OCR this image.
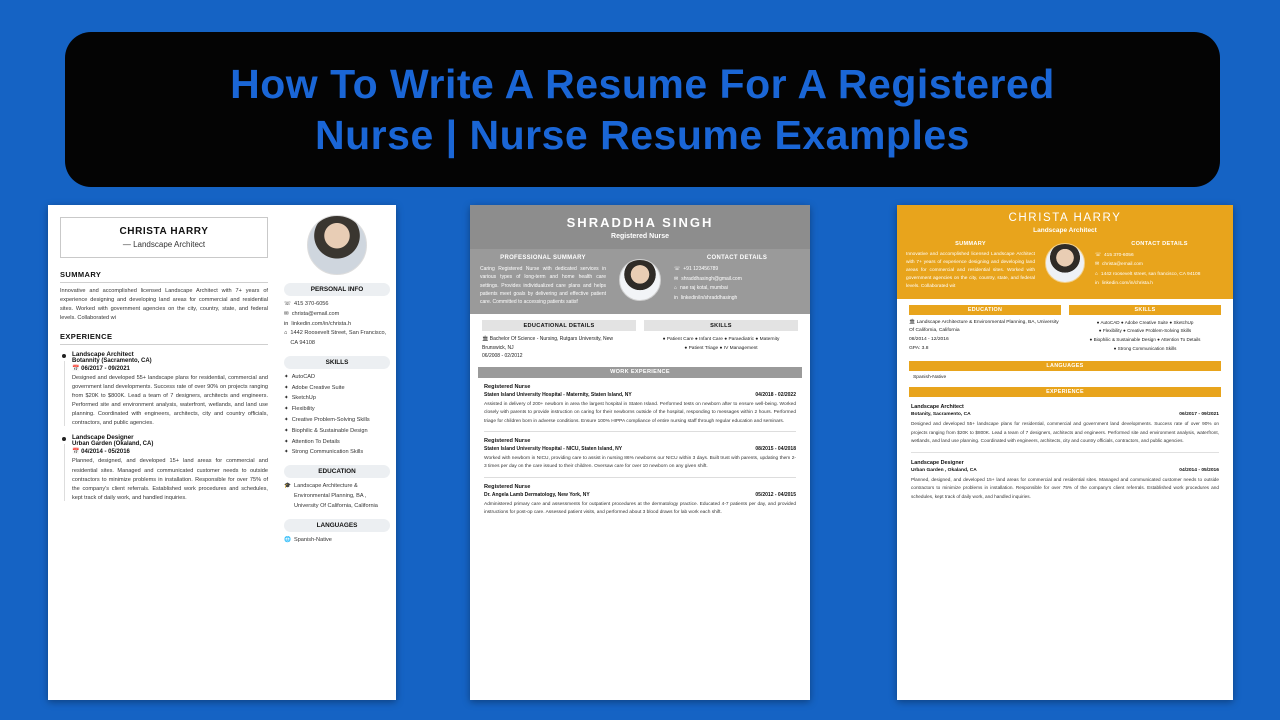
How To Write A Resume For A Registered
Nurse | Nurse Resume Examples
CHRISTA HARRY
— Landscape Architect
SUMMARY
Innovative and accomplished licensed Landscape Architect with 7+ years of experience designing and developing land areas for commercial and residential sites. Worked with government agencies on the city, country, state, and federal levels. Collaborated wi
EXPERIENCE
Landscape Architect
Botannity (Sacramento, CA)
📅 06/2017 - 09/2021
Designed and developed 55+ landscape plans for residential, commercial and government land developments. Success rate of over 90% on projects ranging from $20K to $800K. Lead a team of 7 designers, architects and engineers. Performed site and environment analysis, waterfront, wetlands, and land use planning. Coordinated with engineers, architects, city and country officials, contractors, and public agencies.
Landscape Designer
Urban Garden (Okaland, CA)
📅 04/2014 - 05/2016
Planned, designed, and developed 15+ land areas for commercial and residential sites. Managed and communicated customer needs to outside contractors to minimize problems in installation. Responsible for over 75% of the company's client referrals. Established work procedures and schedules, kept track of daily work, and handled inquiries.
PERSONAL INFO
☏ 415 370-6056
✉ christa@email.com
in linkedin.com/in/christa.h
⌂ 1442 Roosevelt Street, San Francisco, CA 94108
SKILLS
✦ AutoCAD
✦ Adobe Creative Suite
✦ SketchUp
✦ Flexibility
✦ Creative Problem-Solving Skills
✦ Biophilic & Sustainable Design
✦ Attention To Details
✦ Strong Communication Skills
EDUCATION
🎓 Landscape Architecture & Environmental Planning, BA , University Of California, California
LANGUAGES
🌐 Spanish-Native
SHRADDHA SINGH
Registered Nurse
PROFESSIONAL SUMMARY
Caring Registered Nurse with dedicated services in various types of long-term and home health care settings. Provides individualized care plans and helps patients meet goals by delivering and effective patient care. Committed to accessing patients satisf
CONTACT DETAILS
☏ +91 123456789
✉ shraddhasingh@gmail.com
⌂ nae raj kotal, mumbai
in linkedin/in/shraddhasingh
EDUCATIONAL DETAILS
🏛 Bachelor Of Science - Nursing, Rutgars University, New Brunswick, NJ
06/2008 - 02/2012
SKILLS
● Patient Care ● Infant Care ● Paraediatric ● Maternity
● Patient Triage ● IV Management
WORK EXPERIENCE
Registered Nurse
Staten Island University Hospital - Maternity, Staten Island, NY	04/2018 - 02/2022
Assisted in delivery of 200+ newborn in area the largest hospital in Staten Island. Performed tests on newborn after to ensure well-being. Worked closely with parents to provide instruction on caring for their newborns outside of the hospital, responding to messages within 2 hours. Performed triage for children born in adverse conditions. Ensure 100% HIPPA compliance of entire nursing staff through regular education and seminars.
Registered Nurse
Staten Island University Hospital - NICU, Staten Island, NY	08/2015 - 04/2018
Worked with newborn in NICU, providing care to assist in nursing 86% newborns our NICU within 3 days. Built trust with parents, updating them 2-3 times per day on the care issued to their children. Oversaw care for over 10 newborn on any given shift.
Registered Nurse
Dr. Angela Lamb Dermatology, New York, NY	05/2012 - 04/2015
Administered primary care and assessments for outpatient procedures at the dermatology practice. Educated 4-7 patients per day, and provided instructions for post-op care. Assessed patient visits, and performed about 3 blood draws for lab work each shift.
CHRISTA HARRY
Landscape Architect
SUMMARY
Innovative and accomplished licensed Landscape Architect with 7+ years of experience designing and developing land areas for commercial and residential sites. Worked with government agencies on the city, country, state, and federal levels. Collaborated wit
CONTACT DETAILS
☏ 415 370-6056
✉ christa@email.com
⌂ 1442 roosevelt street, san francisco, CA 94108
in linkedin.com/in/christa.h
EDUCATION
🏛 Landscape Architecture & Environmental Planning, BA, University Of California, California
08/2014 - 12/2016
GPA: 3.8
SKILLS
● AutoCAD ● Adobe Creative Suite ● SketchUp
● Flexibility ● Creative Problem-Solving Skills
● Biophilic & Sustainable Design ● Attention To Details
● Strong Communication Skills
LANGUAGES
Spanish-Native
EXPERIENCE
Landscape Architect
Botanity, Sacramento, CA	06/2017 - 09/2021
Designed and developed 55+ landscape plans for residential, commercial and government land developments. Success rate of over 90% on projects ranging from $20K to $800K. Lead a team of 7 designers, architects and engineers. Performed site and environment analysis, waterfront, wetlands, and land use planning. Coordinated with engineers, architects, city and country officials, contractors, and public agencies.
Landscape Designer
Urban Garden , Okaland, CA	04/2014 - 05/2016
Planned, designed, and developed 15+ land areas for commercial and residential sites. Managed and communicated customer needs to outside contractors to minimize problems in installation. Responsible for over 75% of the company's client referrals. Established work procedures and schedules, kept track of daily work, and handled inquiries.
